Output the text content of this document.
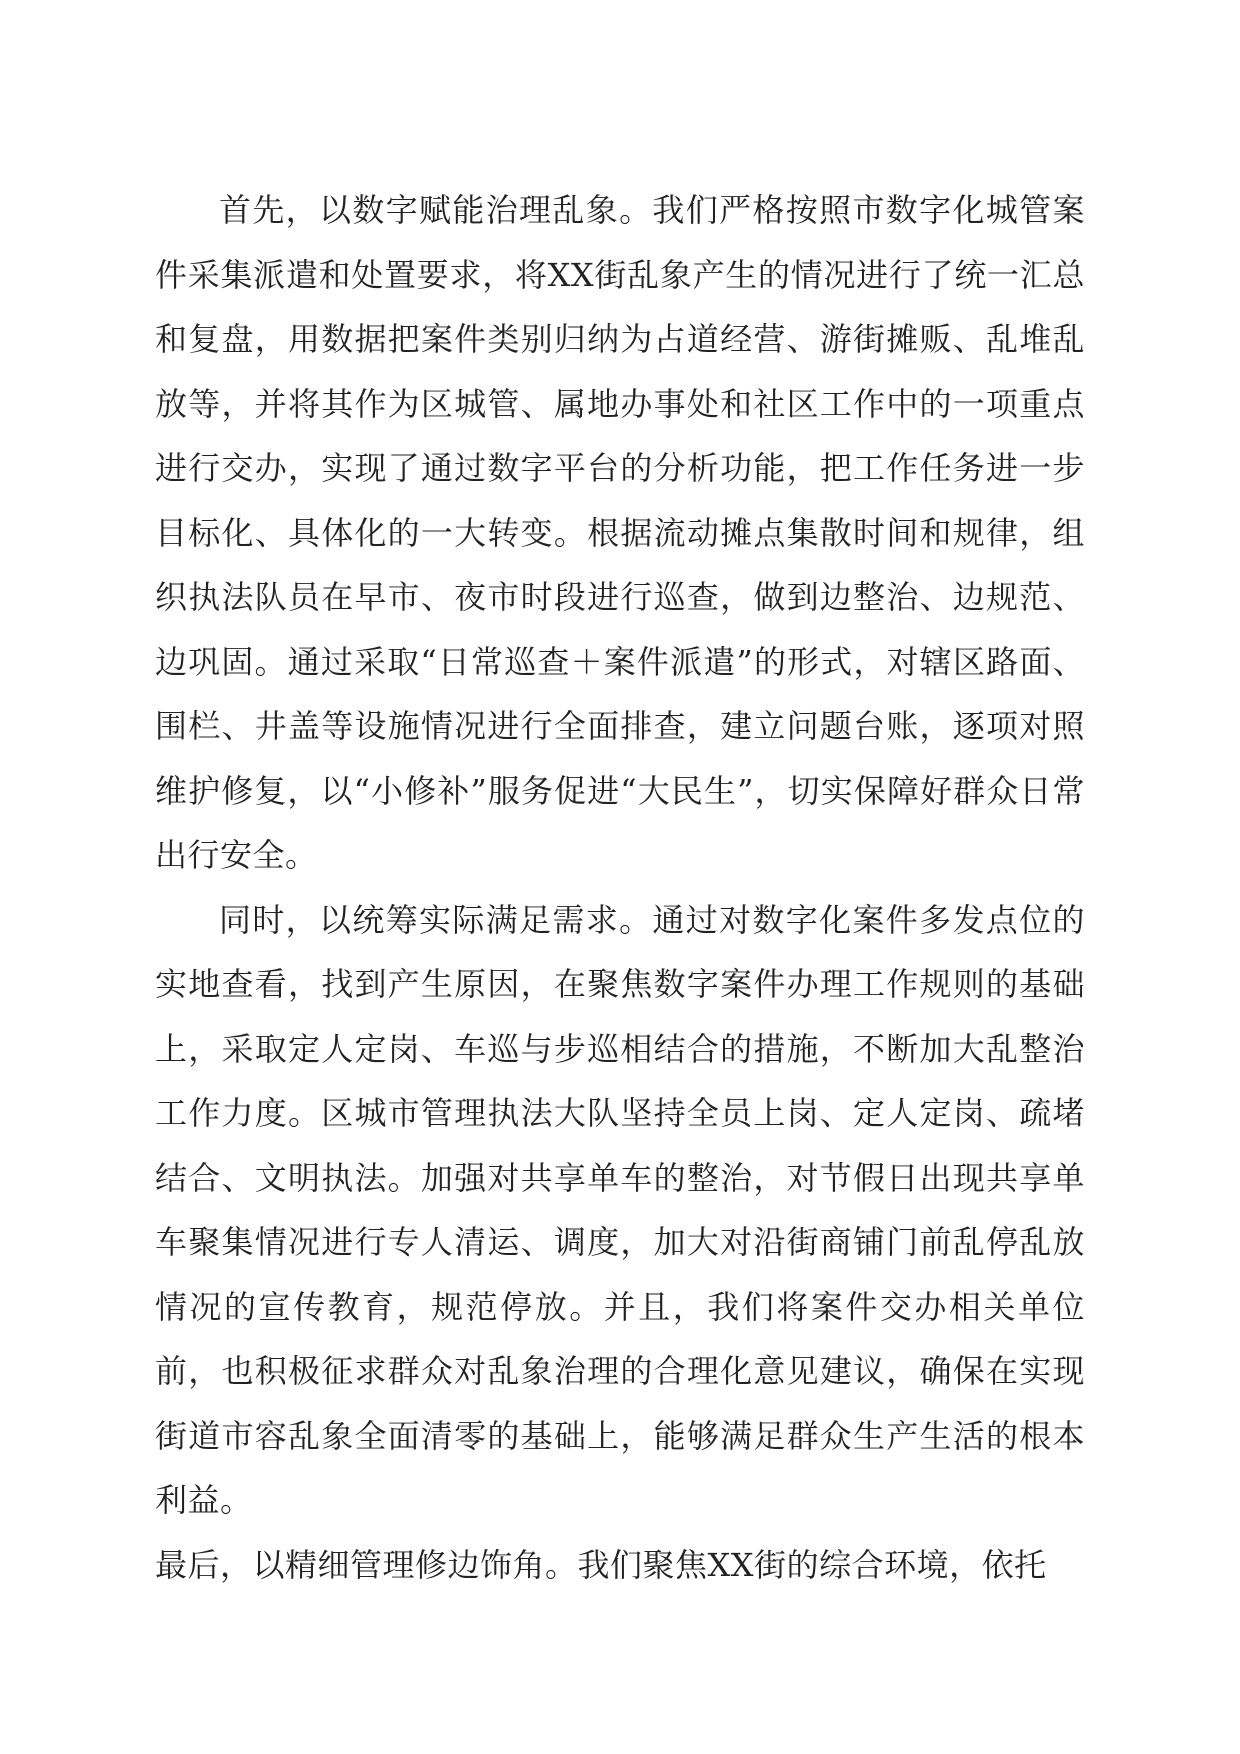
首先，以数字赋能治理乱象。我们严格按照市数字化城管案件采集派遣和处置要求，将XX街乱象产生的情况进行了统一汇总和复盘，用数据把案件类别归纳为占道经营、游街摊贩、乱堆乱放等，并将其作为区城管、属地办事处和社区工作中的一项重点进行交办，实现了通过数字平台的分析功能，把工作任务进一步目标化、具体化的一大转变。根据流动摊点集散时间和规律，组织执法队员在早市、夜市时段进行巡查，做到边整治、边规范、边巩固。通过采取“日常巡查＋案件派遣”的形式，对辖区路面、围栏、井盖等设施情况进行全面排查，建立问题台账，逐项对照维护修复，以“小修补”服务促进“大民生”，切实保障好群众日常出行安全。

同时，以统筹实际满足需求。通过对数字化案件多发点位的实地查看，找到产生原因，在聚焦数字案件办理工作规则的基础上，采取定人定岗、车巡与步巡相结合的措施，不断加大乱整治工作力度。区城市管理执法大队坚持全员上岗、定人定岗、疏堵结合、文明执法。加强对共享单车的整治，对节假日出现共享单车聚集情况进行专人清运、调度，加大对沿街商铺门前乱停乱放情况的宣传教育，规范停放。并且，我们将案件交办相关单位前，也积极征求群众对乱象治理的合理化意见建议，确保在实现街道市容乱象全面清零的基础上，能够满足群众生产生活的根本利益。

最后，以精细管理修边饰角。我们聚焦XX街的综合环境，依托
